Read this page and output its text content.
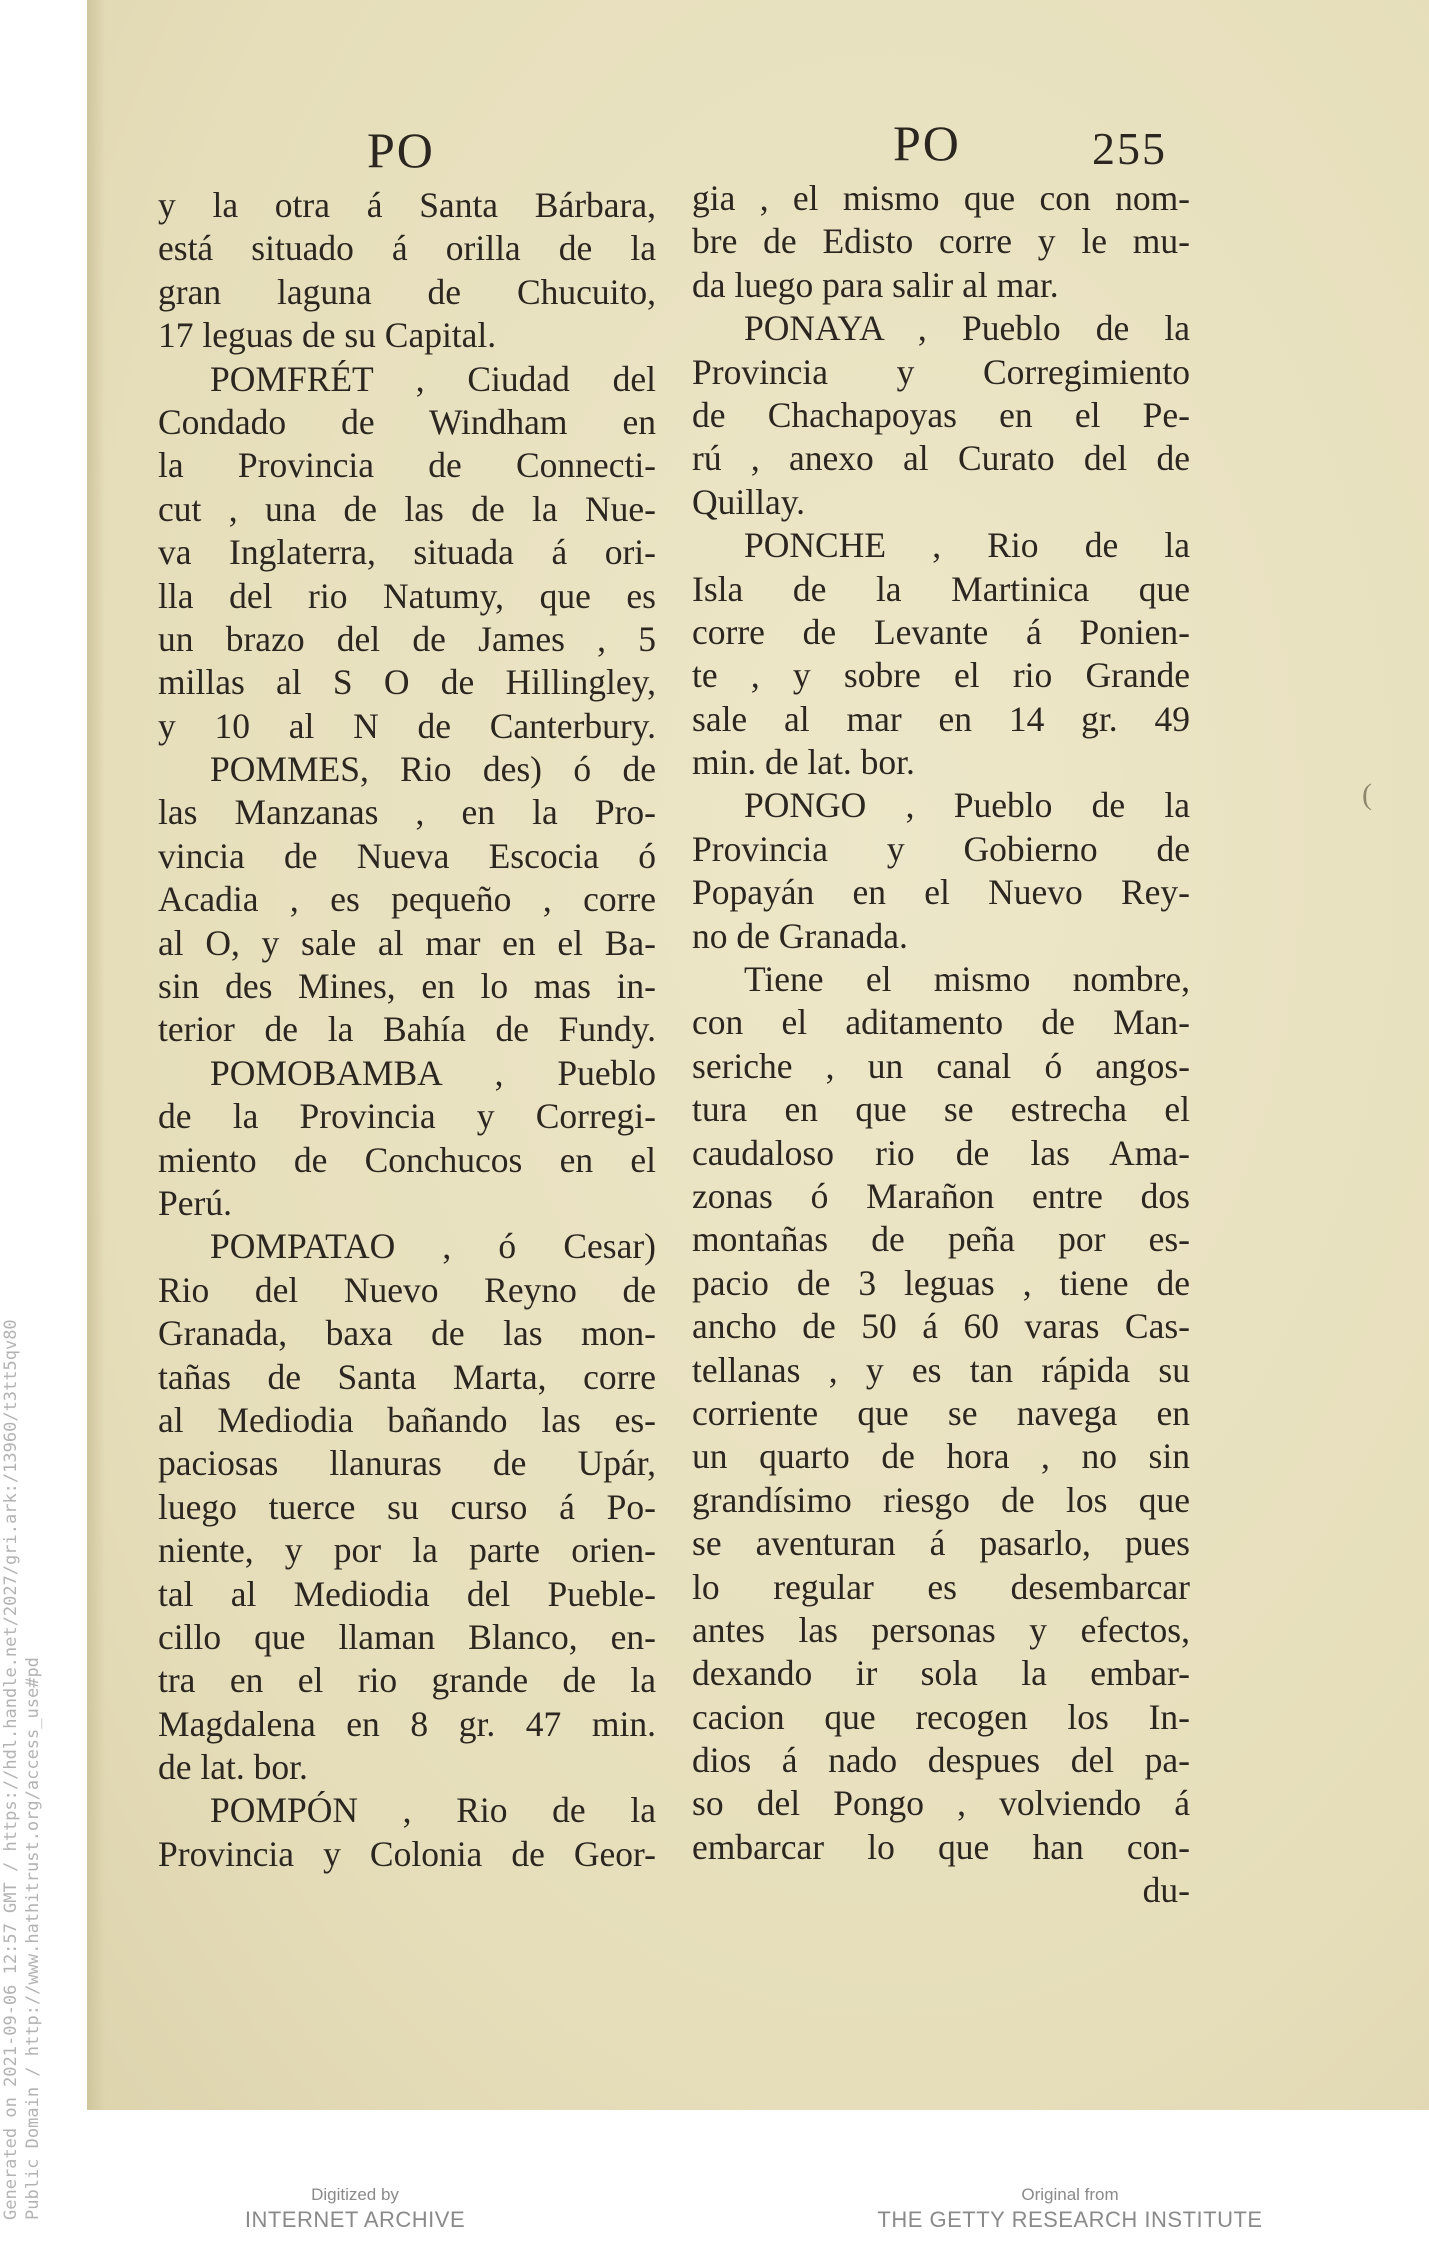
PO	PO	255
y la otra á Santa Bárbara,
está situado á orilla de la
gran laguna de Chucuito,
17 leguas de su Capital.
POMFRÉT , Ciudad del
Condado de Windham en
la Provincia de Connecti-
cut , una de las de la Nue-
va Inglaterra, situada á ori-
lla del rio Natumy, que es
un brazo del de James , 5
millas al S O de Hillingley,
y 10 al N de Canterbury.
POMMES, Rio des) ó de
las Manzanas , en la Pro-
vincia de Nueva Escocia ó
Acadia , es pequeño , corre
al O, y sale al mar en el Ba-
sin des Mines, en lo mas in-
terior de la Bahía de Fundy.
POMOBAMBA , Pueblo
de la Provincia y Corregi-
miento de Conchucos en el
Perú.
POMPATAO , ó Cesar)
Rio del Nuevo Reyno de
Granada, baxa de las mon-
tañas de Santa Marta, corre
al Mediodia bañando las es-
paciosas llanuras de Upár,
luego tuerce su curso á Po-
niente, y por la parte orien-
tal al Mediodia del Pueble-
cillo que llaman Blanco, en-
tra en el rio grande de la
Magdalena en 8 gr. 47 min.
de lat. bor.
POMPÓN , Rio de la
Provincia y Colonia de Geor-
gia , el mismo que con nom-
bre de Edisto corre y le mu-
da luego para salir al mar.
PONAYA , Pueblo de la
Provincia y Corregimiento
de Chachapoyas en el Pe-
rú , anexo al Curato del de
Quillay.
PONCHE , Rio de la
Isla de la Martinica que
corre de Levante á Ponien-
te , y sobre el rio Grande
sale al mar en 14 gr. 49
min. de lat. bor.
PONGO , Pueblo de la
Provincia y Gobierno de
Popayán en el Nuevo Rey-
no de Granada.
Tiene el mismo nombre,
con el aditamento de Man-
seriche , un canal ó angos-
tura en que se estrecha el
caudaloso rio de las Ama-
zonas ó Marañon entre dos
montañas de peña por es-
pacio de 3 leguas , tiene de
ancho de 50 á 60 varas Cas-
tellanas , y es tan rápida su
corriente que se navega en
un quarto de hora , no sin
grandísimo riesgo de los que
se aventuran á pasarlo, pues
lo regular es desembarcar
antes las personas y efectos,
dexando ir sola la embar-
cacion que recogen los In-
dios á nado despues del pa-
so del Pongo , volviendo á
embarcar lo que han con-
du-
(
Generated on 2021-09-06 12:57 GMT / https://hdl.handle.net/2027/gri.ark:/13960/t3tt5qv80 Public Domain / http://www.hathitrust.org/access_use#pd	Digitized by
INTERNET ARCHIVE
Original from
THE GETTY RESEARCH INSTITUTE
